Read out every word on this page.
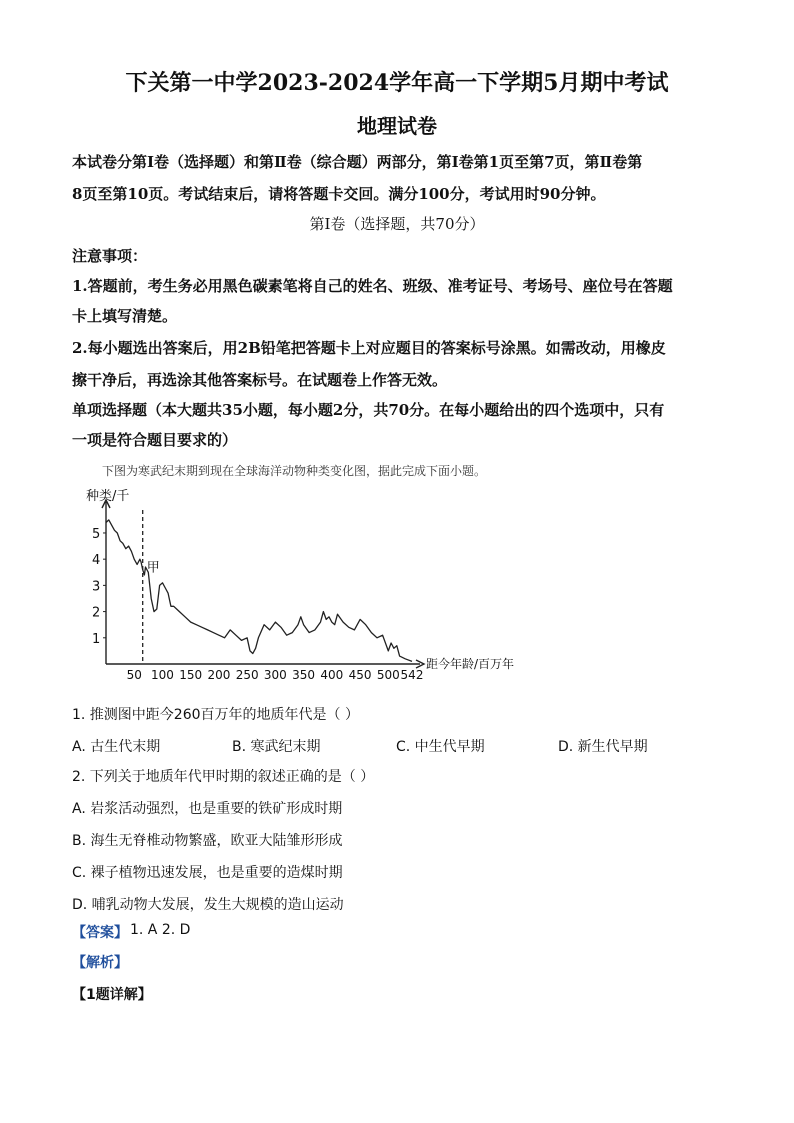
下关第一中学2023-2024学年高一下学期5月期中考试
地理试卷

本试卷分第Ⅰ卷（选择题）和第Ⅱ卷（综合题）两部分，第Ⅰ卷第1页至第7页，第Ⅱ卷第

8页至第10页。考试结束后，请将答题卡交回。满分100分，考试用时90分钟。

第Ⅰ卷（选择题，共70分）

注意事项：

1.答题前，考生务必用黑色碳素笔将自己的姓名、班级、准考证号、考场号、座位号在答题

卡上填写清楚。

2.每小题选出答案后，用2B铅笔把答题卡上对应题目的答案标号涂黑。如需改动，用橡皮

擦干净后，再选涂其他答案标号。在试题卷上作答无效。

单项选择题（本大题共35小题，每小题2分，共70分。在每小题给出的四个选项中，只有

一项是符合题目要求的）

下图为寒武纪末期到现在全球海洋动物种类变化图，据此完成下面小题。
种类/千
距今年龄/百万年
1
2
3
4
5
50 100 150 200 250 300 350 400 450 500 542
甲

1. 推测图中距今260百万年的地质年代是（ ）

A. 古生代末期	B. 寒武纪末期	C. 中生代早期	D. 新生代早期

2. 下列关于地质年代甲时期的叙述正确的是（ ）

A. 岩浆活动强烈，也是重要的铁矿形成时期
B. 海生无脊椎动物繁盛，欧亚大陆雏形形成
C. 裸子植物迅速发展，也是重要的造煤时期
D. 哺乳动物大发展，发生大规模的造山运动
【答案】 1. A 2. D
【解析】
【1题详解】
